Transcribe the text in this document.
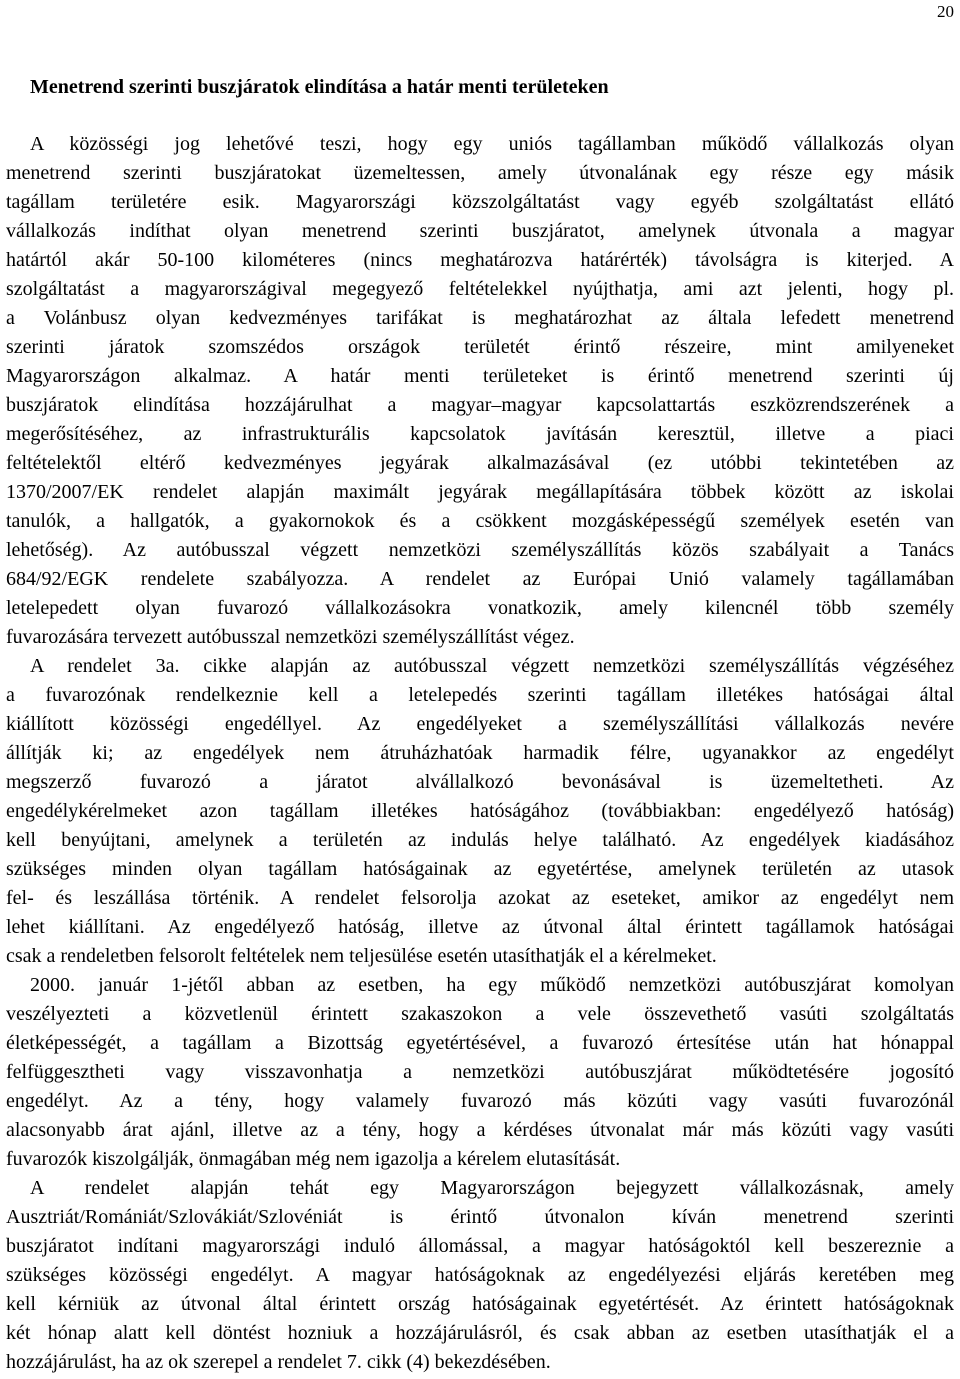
20
Menetrend szerinti buszjáratok elindítása a határ menti területeken
A közösségi jog lehetővé teszi, hogy egy uniós tagállamban működő vállalkozás olyan
menetrend szerinti buszjáratokat üzemeltessen, amely útvonalának egy része egy másik
tagállam területére esik. Magyarországi közszolgáltatást vagy egyéb szolgáltatást ellátó
vállalkozás indíthat olyan menetrend szerinti buszjáratot, amelynek útvonala a magyar
határtól akár 50-100 kilométeres (nincs meghatározva határérték) távolságra is kiterjed. A
szolgáltatást a magyarországival megegyező feltételekkel nyújthatja, ami azt jelenti, hogy pl.
a Volánbusz olyan kedvezményes tarifákat is meghatározhat az általa lefedett menetrend
szerinti járatok szomszédos országok területét érintő részeire, mint amilyeneket
Magyarországon alkalmaz. A határ menti területeket is érintő menetrend szerinti új
buszjáratok elindítása hozzájárulhat a magyar–magyar kapcsolattartás eszközrendszerének a
megerősítéséhez, az infrastrukturális kapcsolatok javításán keresztül, illetve a piaci
feltételektől eltérő kedvezményes jegyárak alkalmazásával (ez utóbbi tekintetében az
1370/2007/EK rendelet alapján maximált jegyárak megállapítására többek között az iskolai
tanulók, a hallgatók, a gyakornokok és a csökkent mozgásképességű személyek esetén van
lehetőség). Az autóbusszal végzett nemzetközi személyszállítás közös szabályait a Tanács
684/92/EGK rendelete szabályozza. A rendelet az Európai Unió valamely tagállamában
letelepedett olyan fuvarozó vállalkozásokra vonatkozik, amely kilencnél több személy
fuvarozására tervezett autóbusszal nemzetközi személyszállítást végez.
A rendelet 3a. cikke alapján az autóbusszal végzett nemzetközi személyszállítás végzéséhez
a fuvarozónak rendelkeznie kell a letelepedés szerinti tagállam illetékes hatóságai által
kiállított közösségi engedéllyel. Az engedélyeket a személyszállítási vállalkozás nevére
állítják ki; az engedélyek nem átruházhatóak harmadik félre, ugyanakkor az engedélyt
megszerző fuvarozó a járatot alvállalkozó bevonásával is üzemeltetheti. Az
engedélykérelmeket azon tagállam illetékes hatóságához (továbbiakban: engedélyező hatóság)
kell benyújtani, amelynek a területén az indulás helye található. Az engedélyek kiadásához
szükséges minden olyan tagállam hatóságainak az egyetértése, amelynek területén az utasok
fel- és leszállása történik. A rendelet felsorolja azokat az eseteket, amikor az engedélyt nem
lehet kiállítani. Az engedélyező hatóság, illetve az útvonal által érintett tagállamok hatóságai
csak a rendeletben felsorolt feltételek nem teljesülése esetén utasíthatják el a kérelmeket.
2000. január 1-jétől abban az esetben, ha egy működő nemzetközi autóbuszjárat komolyan
veszélyezteti a közvetlenül érintett szakaszokon a vele összevethető vasúti szolgáltatás
életképességét, a tagállam a Bizottság egyetértésével, a fuvarozó értesítése után hat hónappal
felfüggesztheti vagy visszavonhatja a nemzetközi autóbuszjárat működtetésére jogosító
engedélyt. Az a tény, hogy valamely fuvarozó más közúti vagy vasúti fuvarozónál
alacsonyabb árat ajánl, illetve az a tény, hogy a kérdéses útvonalat már más közúti vagy vasúti
fuvarozók kiszolgálják, önmagában még nem igazolja a kérelem elutasítását.
A rendelet alapján tehát egy Magyarországon bejegyzett vállalkozásnak, amely
Ausztriát/Romániát/Szlovákiát/Szlovéniát is érintő útvonalon kíván menetrend szerinti
buszjáratot indítani magyarországi induló állomással, a magyar hatóságoktól kell beszereznie a
szükséges közösségi engedélyt. A magyar hatóságoknak az engedélyezési eljárás keretében meg
kell kérniük az útvonal által érintett ország hatóságainak egyetértését. Az érintett hatóságoknak
két hónap alatt kell döntést hozniuk a hozzájárulásról, és csak abban az esetben utasíthatják el a
hozzájárulást, ha az ok szerepel a rendelet 7. cikk (4) bekezdésében.
